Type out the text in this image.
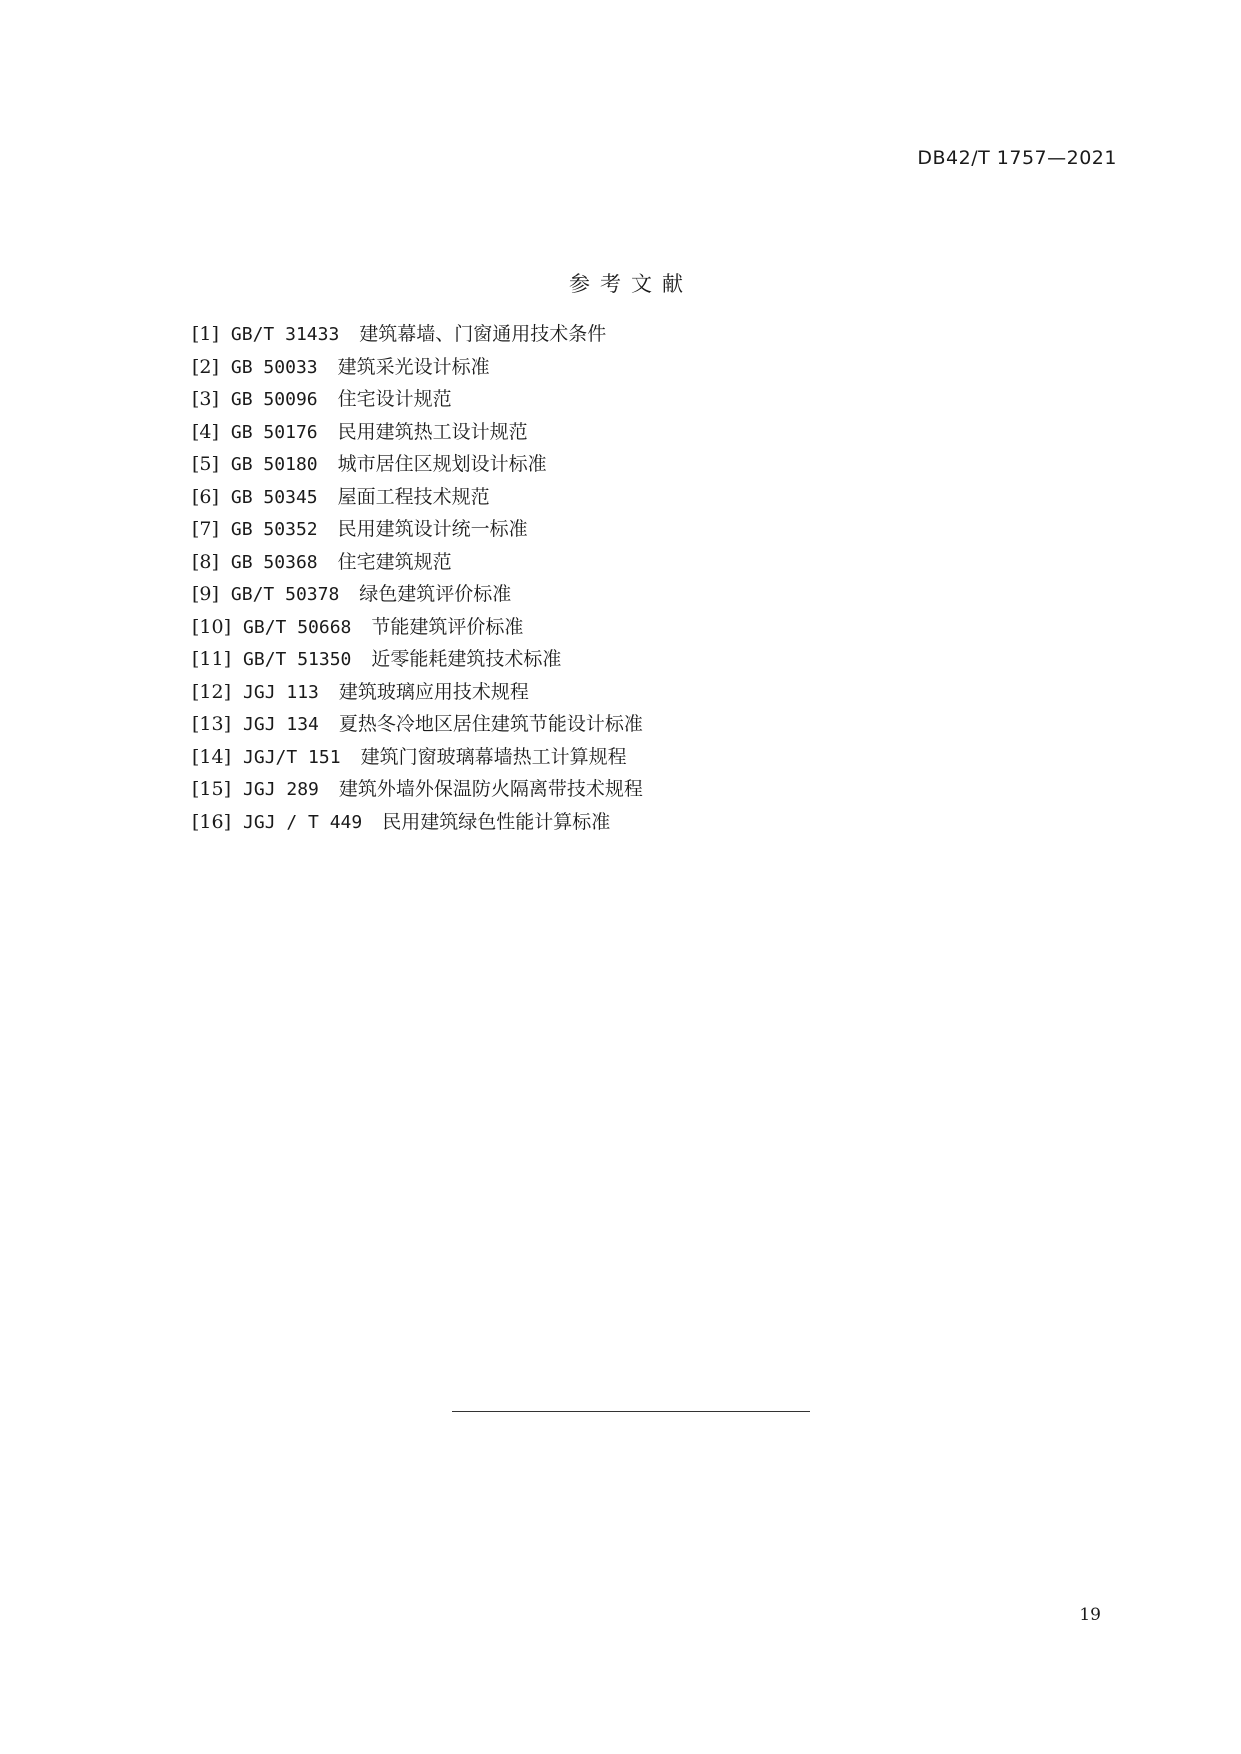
DB42/T 1757—2021
参考文献
[1] GB/T 31433 建筑幕墙、门窗通用技术条件
[2] GB 50033 建筑采光设计标准
[3] GB 50096 住宅设计规范
[4] GB 50176 民用建筑热工设计规范
[5] GB 50180 城市居住区规划设计标准
[6] GB 50345 屋面工程技术规范
[7] GB 50352 民用建筑设计统一标准
[8] GB 50368 住宅建筑规范
[9] GB/T 50378 绿色建筑评价标准
[10] GB/T 50668 节能建筑评价标准
[11] GB/T 51350 近零能耗建筑技术标准
[12] JGJ 113 建筑玻璃应用技术规程
[13] JGJ 134 夏热冬冷地区居住建筑节能设计标准
[14] JGJ/T 151 建筑门窗玻璃幕墙热工计算规程
[15] JGJ 289 建筑外墙外保温防火隔离带技术规程
[16] JGJ / T 449 民用建筑绿色性能计算标准
19
